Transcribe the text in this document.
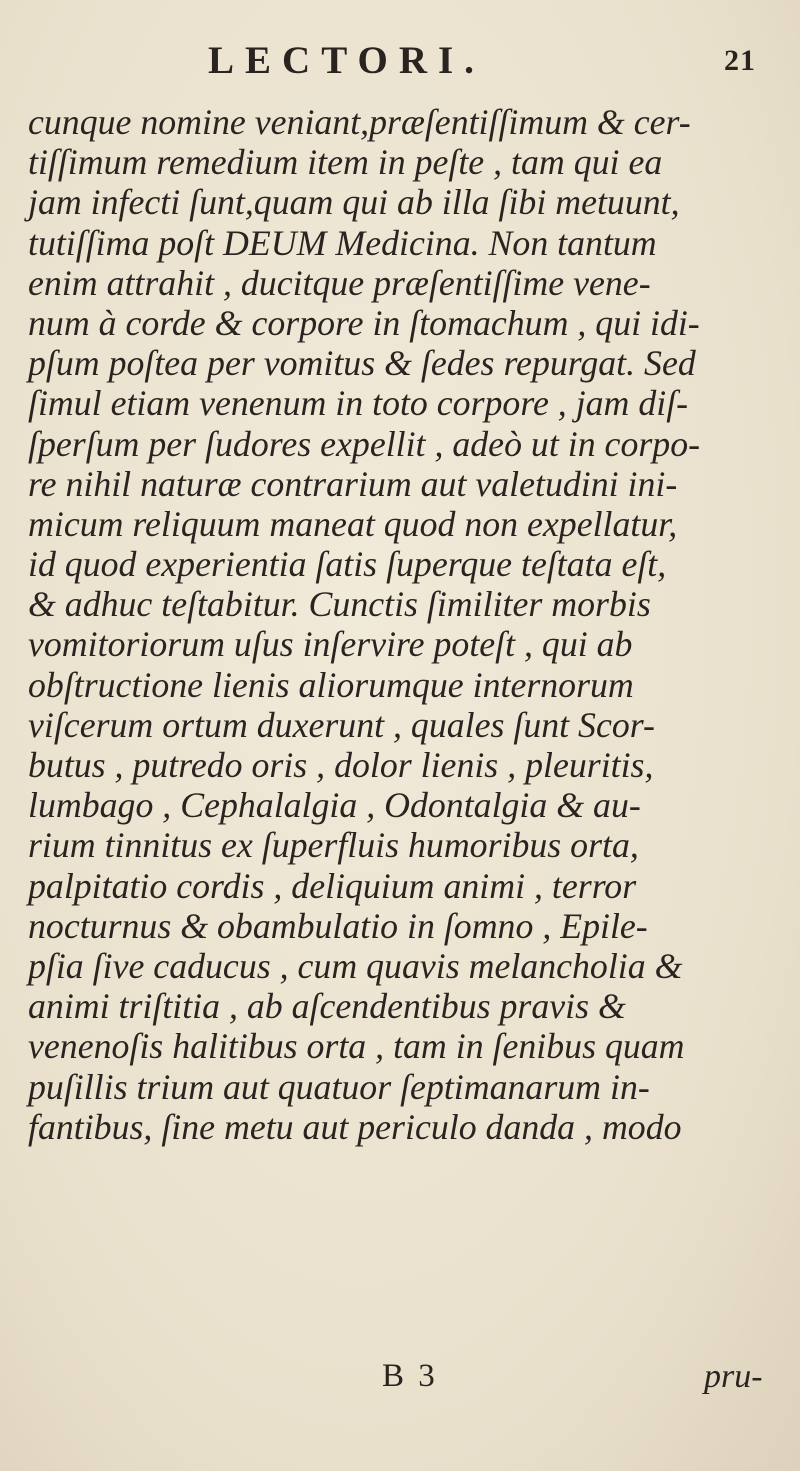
LECTORI.	21
cunque nomine veniant,præſentiſſimum & cer-
tiſſimum remedium item in peſte , tam qui ea
jam infecti ſunt,quam qui ab illa ſibi metuunt,
tutiſſima poſt DEUM Medicina. Non tantum
enim attrahit , ducitque præſentiſſime vene-
num à corde & corpore in ſtomachum , qui idi-
pſum poſtea per vomitus & ſedes repurgat. Sed
ſimul etiam venenum in toto corpore , jam diſ-
ſperſum per ſudores expellit , adeò ut in corpo-
re nihil naturæ contrarium aut valetudini ini-
micum reliquum maneat quod non expellatur,
id quod experientia ſatis ſuperque teſtata eſt,
& adhuc teſtabitur. Cunctis ſimiliter morbis
vomitoriorum uſus inſervire poteſt , qui ab
obſtructione lienis aliorumque internorum
viſcerum ortum duxerunt , quales ſunt Scor-
butus , putredo oris , dolor lienis , pleuritis,
lumbago , Cephalalgia , Odontalgia & au-
rium tinnitus ex ſuperfluis humoribus orta,
palpitatio cordis , deliquium animi , terror
nocturnus & obambulatio in ſomno , Epile-
pſia ſive caducus , cum quavis melancholia &
animi triſtitia , ab aſcendentibus pravis &
venenoſis halitibus orta , tam in ſenibus quam
puſillis trium aut quatuor ſeptimanarum in-
fantibus, ſine metu aut periculo danda , modo
B 3	pru-
